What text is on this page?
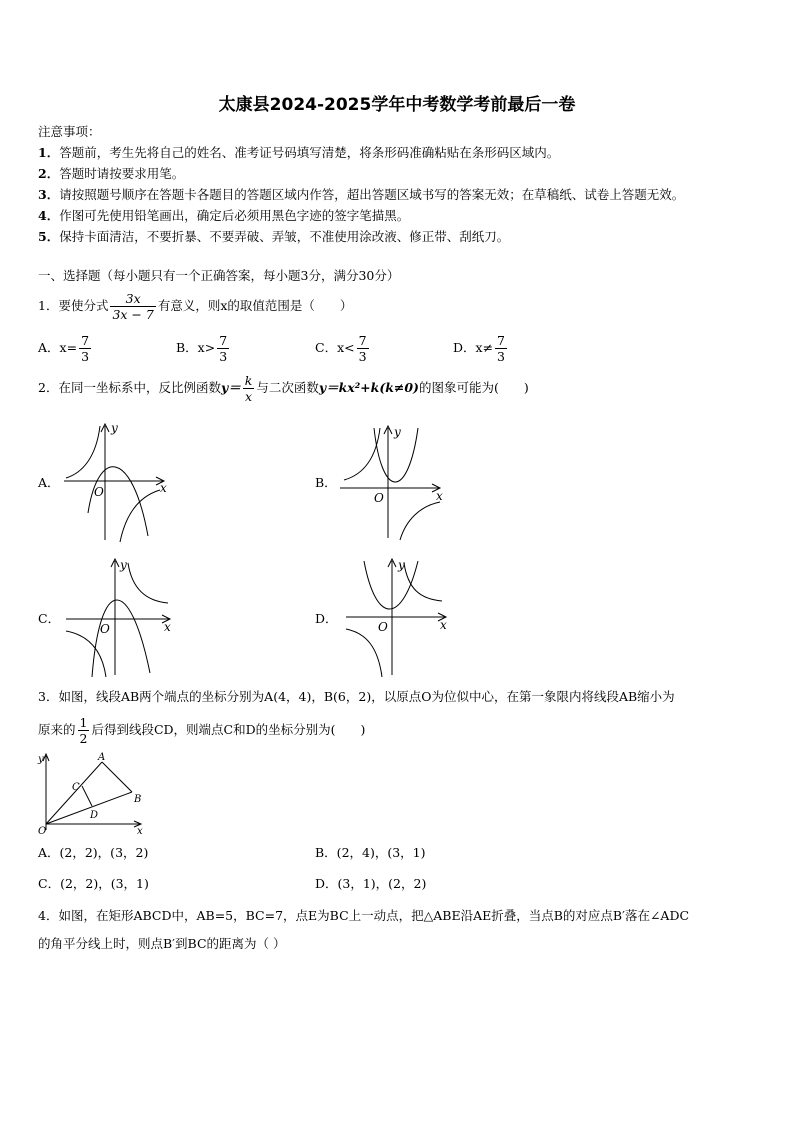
太康县2024-2025学年中考数学考前最后一卷
注意事项：
1．答题前，考生先将自己的姓名、准考证号码填写清楚，将条形码准确粘贴在条形码区域内。
2．答题时请按要求用笔。
3．请按照题号顺序在答题卡各题目的答题区域内作答，超出答题区域书写的答案无效；在草稿纸、试卷上答题无效。
4．作图可先使用铅笔画出，确定后必须用黑色字迹的签字笔描黑。
5．保持卡面清洁，不要折暴、不要弄破、弄皱，不准使用涂改液、修正带、刮纸刀。
一、选择题（每小题只有一个正确答案，每小题3分，满分30分）
1．要使分式 $\frac{3x}{3x - 7}$ 有意义，则x的取值范围是（　　）
A．$x= \frac{7}{3}$	B．$x> \frac{7}{3}$	C．$x< \frac{7}{3}$	D．$x\ne \frac{7}{3}$
2．在同一坐标系中，反比例函数$y= \frac{k}{x}$ 与二次函数y＝kx²+k(k≠0)的图象可能为(　　)
A．	B．
C．	D．
y
x
O
y
x
O
y
x
O
y
x
O
3．如图，线段AB两个端点的坐标分别为A(4，4)，B(6，2)，以原点O为位似中心，在第一象限内将线段AB缩小为
原来的 $\frac{1}{2}$ 后得到线段CD，则端点C和D的坐标分别为(　　)
y
x
O
A
B
C
D
A．(2，2)，(3，2)	B．(2，4)，(3，1)
C．(2，2)，(3，1)	D．(3，1)，(2，2)
4．如图，在矩形ABCD中，AB=5，BC=7，点E为BC上一动点，把△ABE沿AE折叠，当点B的对应点B′落在∠ADC
的角平分线上时，则点B′到BC的距离为（ ）
